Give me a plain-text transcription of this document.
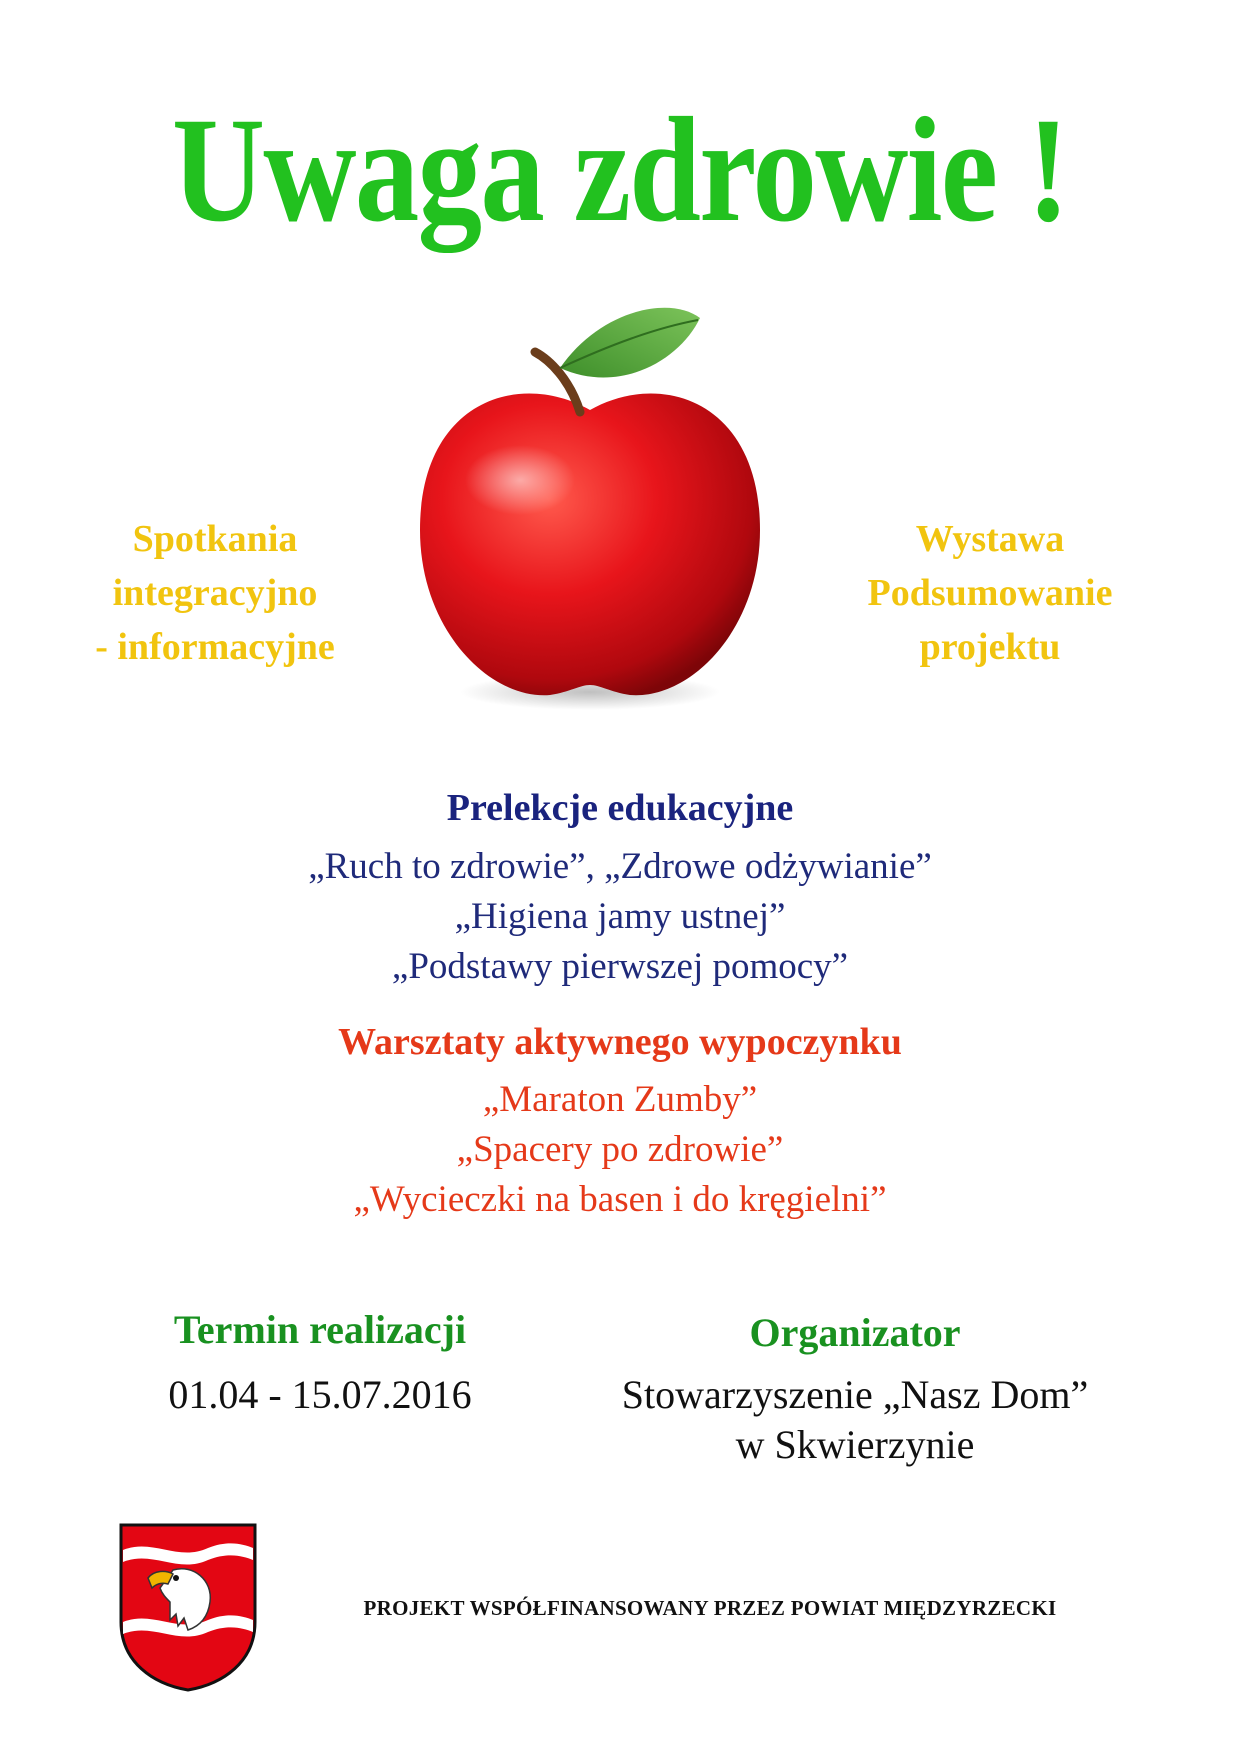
Uwaga zdrowie !
Spotkania
integracyjno
- informacyjne
Wystawa
Podsumowanie
projektu
Prelekcje edukacyjne
„Ruch to zdrowie”, „Zdrowe odżywianie”
„Higiena jamy ustnej”
„Podstawy pierwszej pomocy”
Warsztaty aktywnego wypoczynku
„Maraton Zumby”
„Spacery po zdrowie”
„Wycieczki na basen i do kręgielni”
Termin realizacji
01.04 - 15.07.2016
Organizator
Stowarzyszenie „Nasz Dom”
w Skwierzynie
PROJEKT WSPÓŁFINANSOWANY PRZEZ POWIAT MIĘDZYRZECKI
